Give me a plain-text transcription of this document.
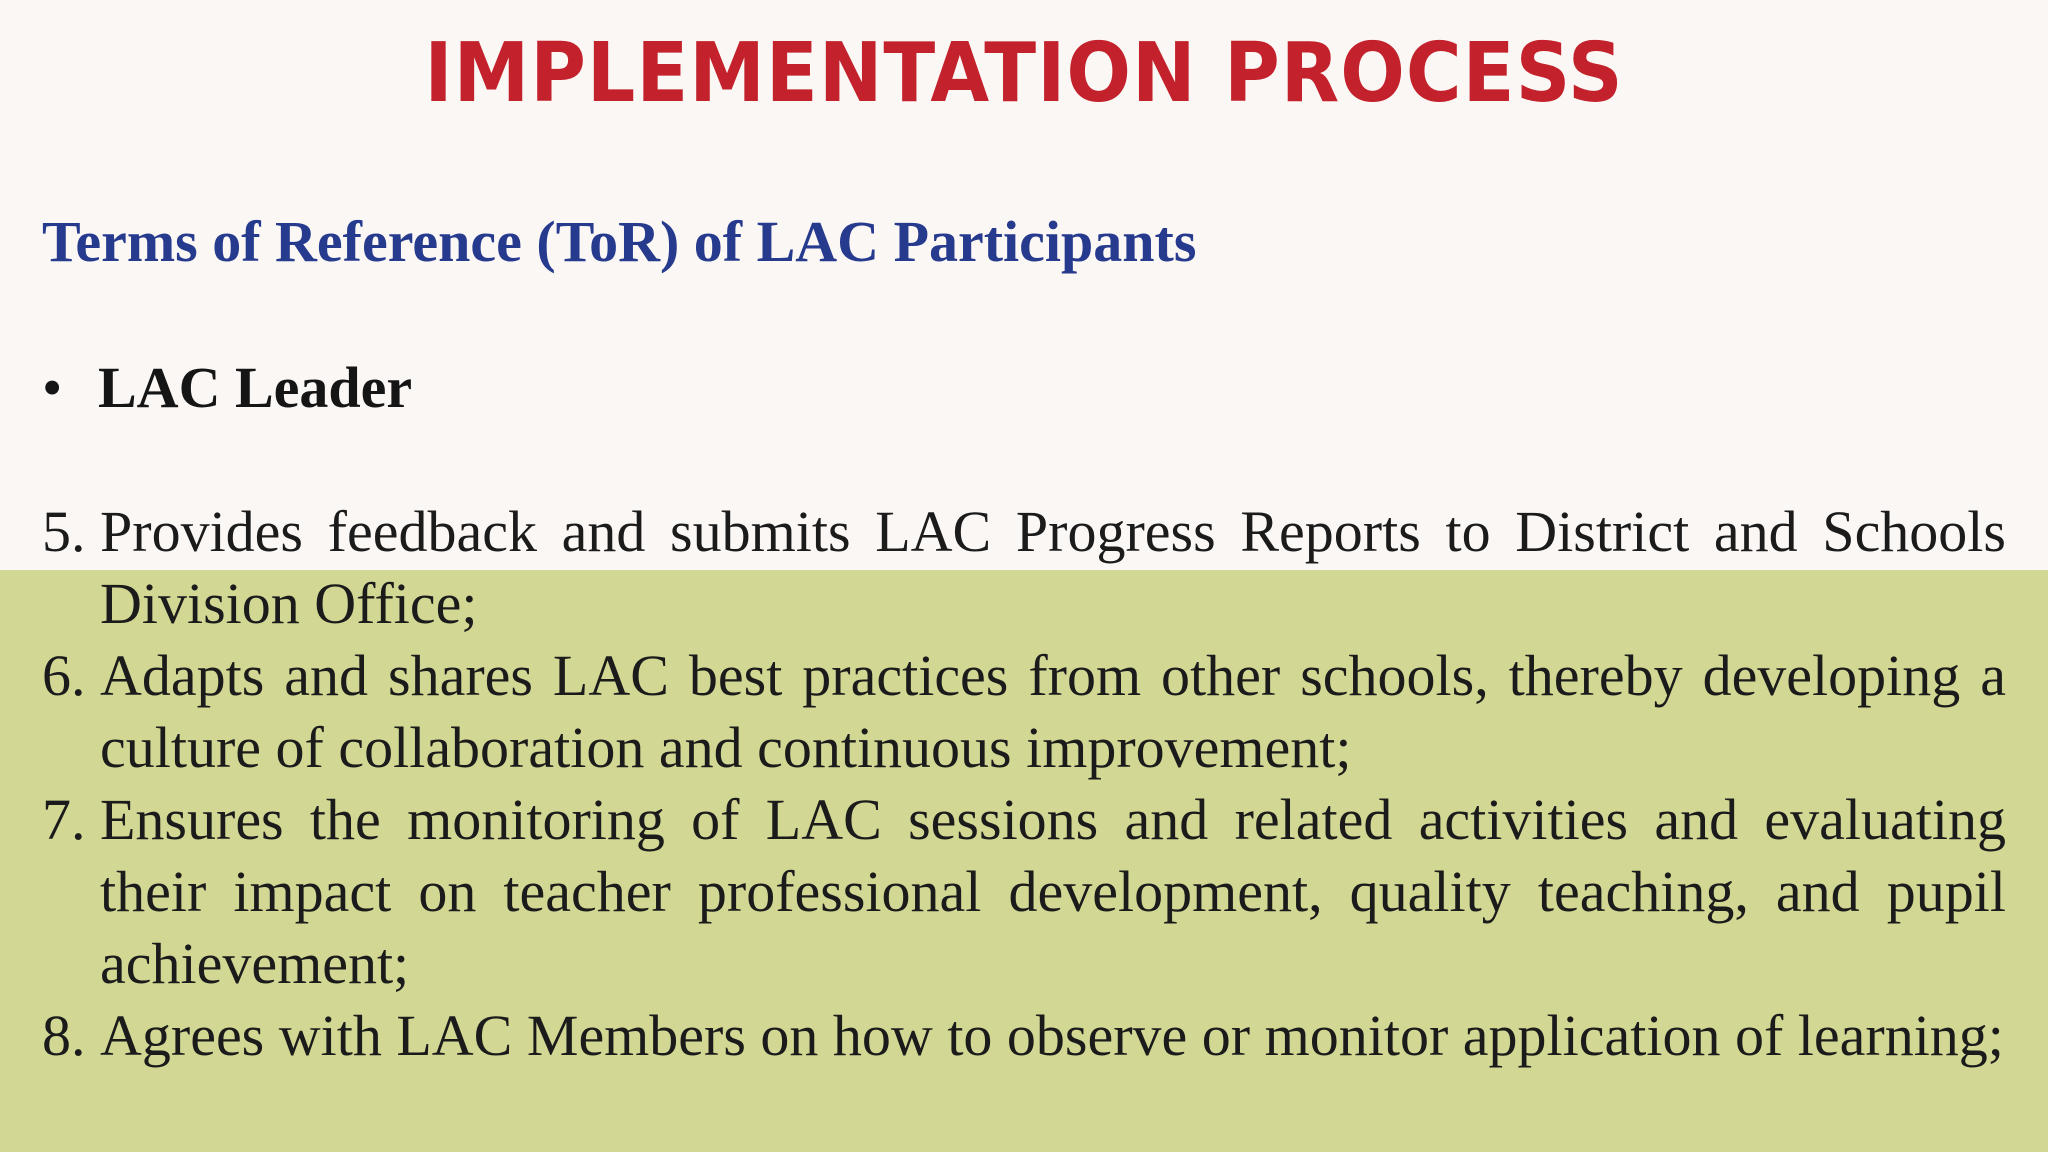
IMPLEMENTATION PROCESS
Terms of Reference (ToR) of LAC Participants
• LAC Leader
5. Provides feedback and submits LAC Progress Reports to District and Schools Division Office;
6. Adapts and shares LAC best practices from other schools, thereby developing a culture of collaboration and continuous improvement;
7. Ensures the monitoring of LAC sessions and related activities and evaluating their impact on teacher professional development, quality teaching, and pupil achievement;
8. Agrees with LAC Members on how to observe or monitor application of learning;
